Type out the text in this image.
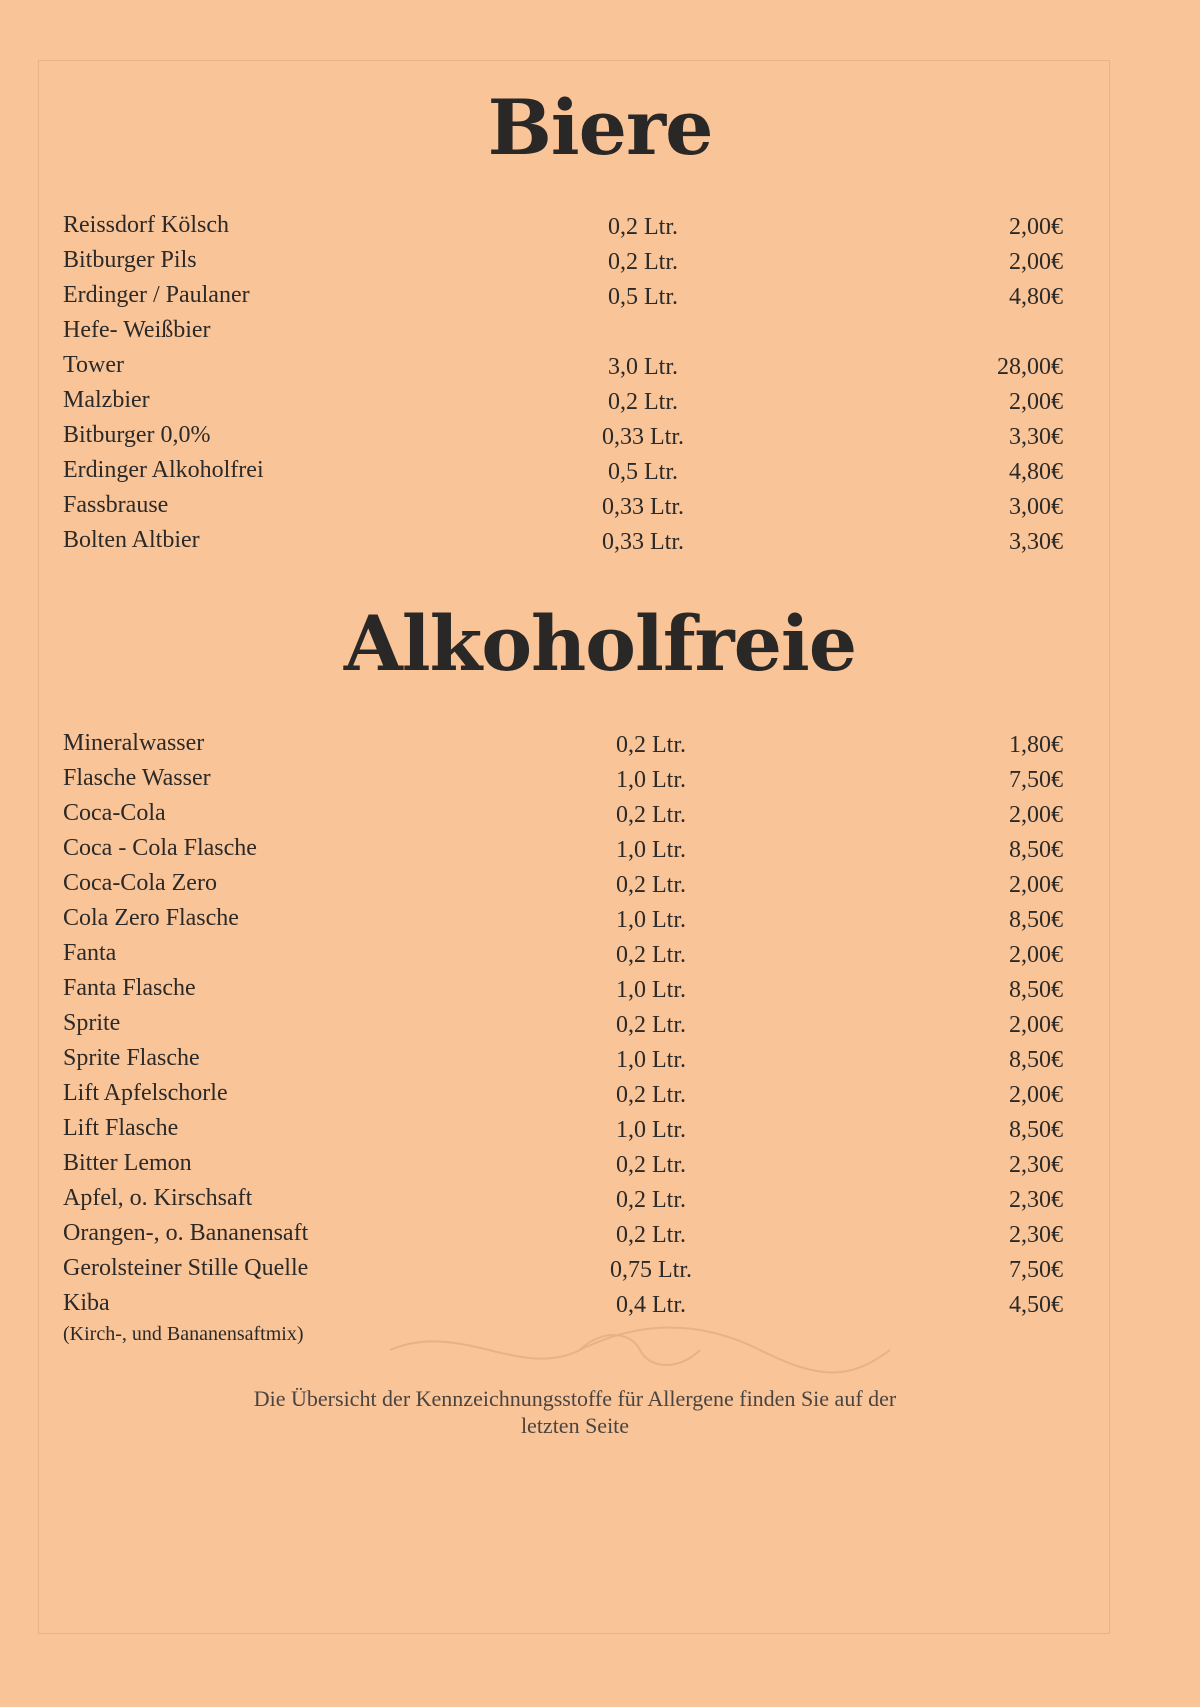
Biere
Reissdorf Kölsch	0,2 Ltr.	2,00€
Bitburger Pils	0,2 Ltr.	2,00€
Erdinger / Paulaner	0,5 Ltr.	4,80€
Hefe- Weißbier
Tower	3,0 Ltr.	28,00€
Malzbier	0,2 Ltr.	2,00€
Bitburger 0,0%	0,33 Ltr.	3,30€
Erdinger Alkoholfrei	0,5 Ltr.	4,80€
Fassbrause	0,33 Ltr.	3,00€
Bolten Altbier	0,33 Ltr.	3,30€
Alkoholfreie
Mineralwasser	0,2 Ltr.	1,80€
Flasche Wasser	1,0 Ltr.	7,50€
Coca-Cola	0,2 Ltr.	2,00€
Coca - Cola Flasche	1,0 Ltr.	8,50€
Coca-Cola Zero	0,2 Ltr.	2,00€
Cola Zero Flasche	1,0 Ltr.	8,50€
Fanta	0,2 Ltr.	2,00€
Fanta Flasche	1,0 Ltr.	8,50€
Sprite	0,2 Ltr.	2,00€
Sprite Flasche	1,0 Ltr.	8,50€
Lift Apfelschorle	0,2 Ltr.	2,00€
Lift Flasche	1,0 Ltr.	8,50€
Bitter Lemon	0,2 Ltr.	2,30€
Apfel, o. Kirschsaft	0,2 Ltr.	2,30€
Orangen-, o. Bananensaft	0,2 Ltr.	2,30€
Gerolsteiner Stille Quelle	0,75 Ltr.	7,50€
Kiba	0,4 Ltr.	4,50€
(Kirch-, und Bananensaftmix)
Die Übersicht der Kennzeichnungsstoffe für Allergene finden Sie auf der
letzten Seite
